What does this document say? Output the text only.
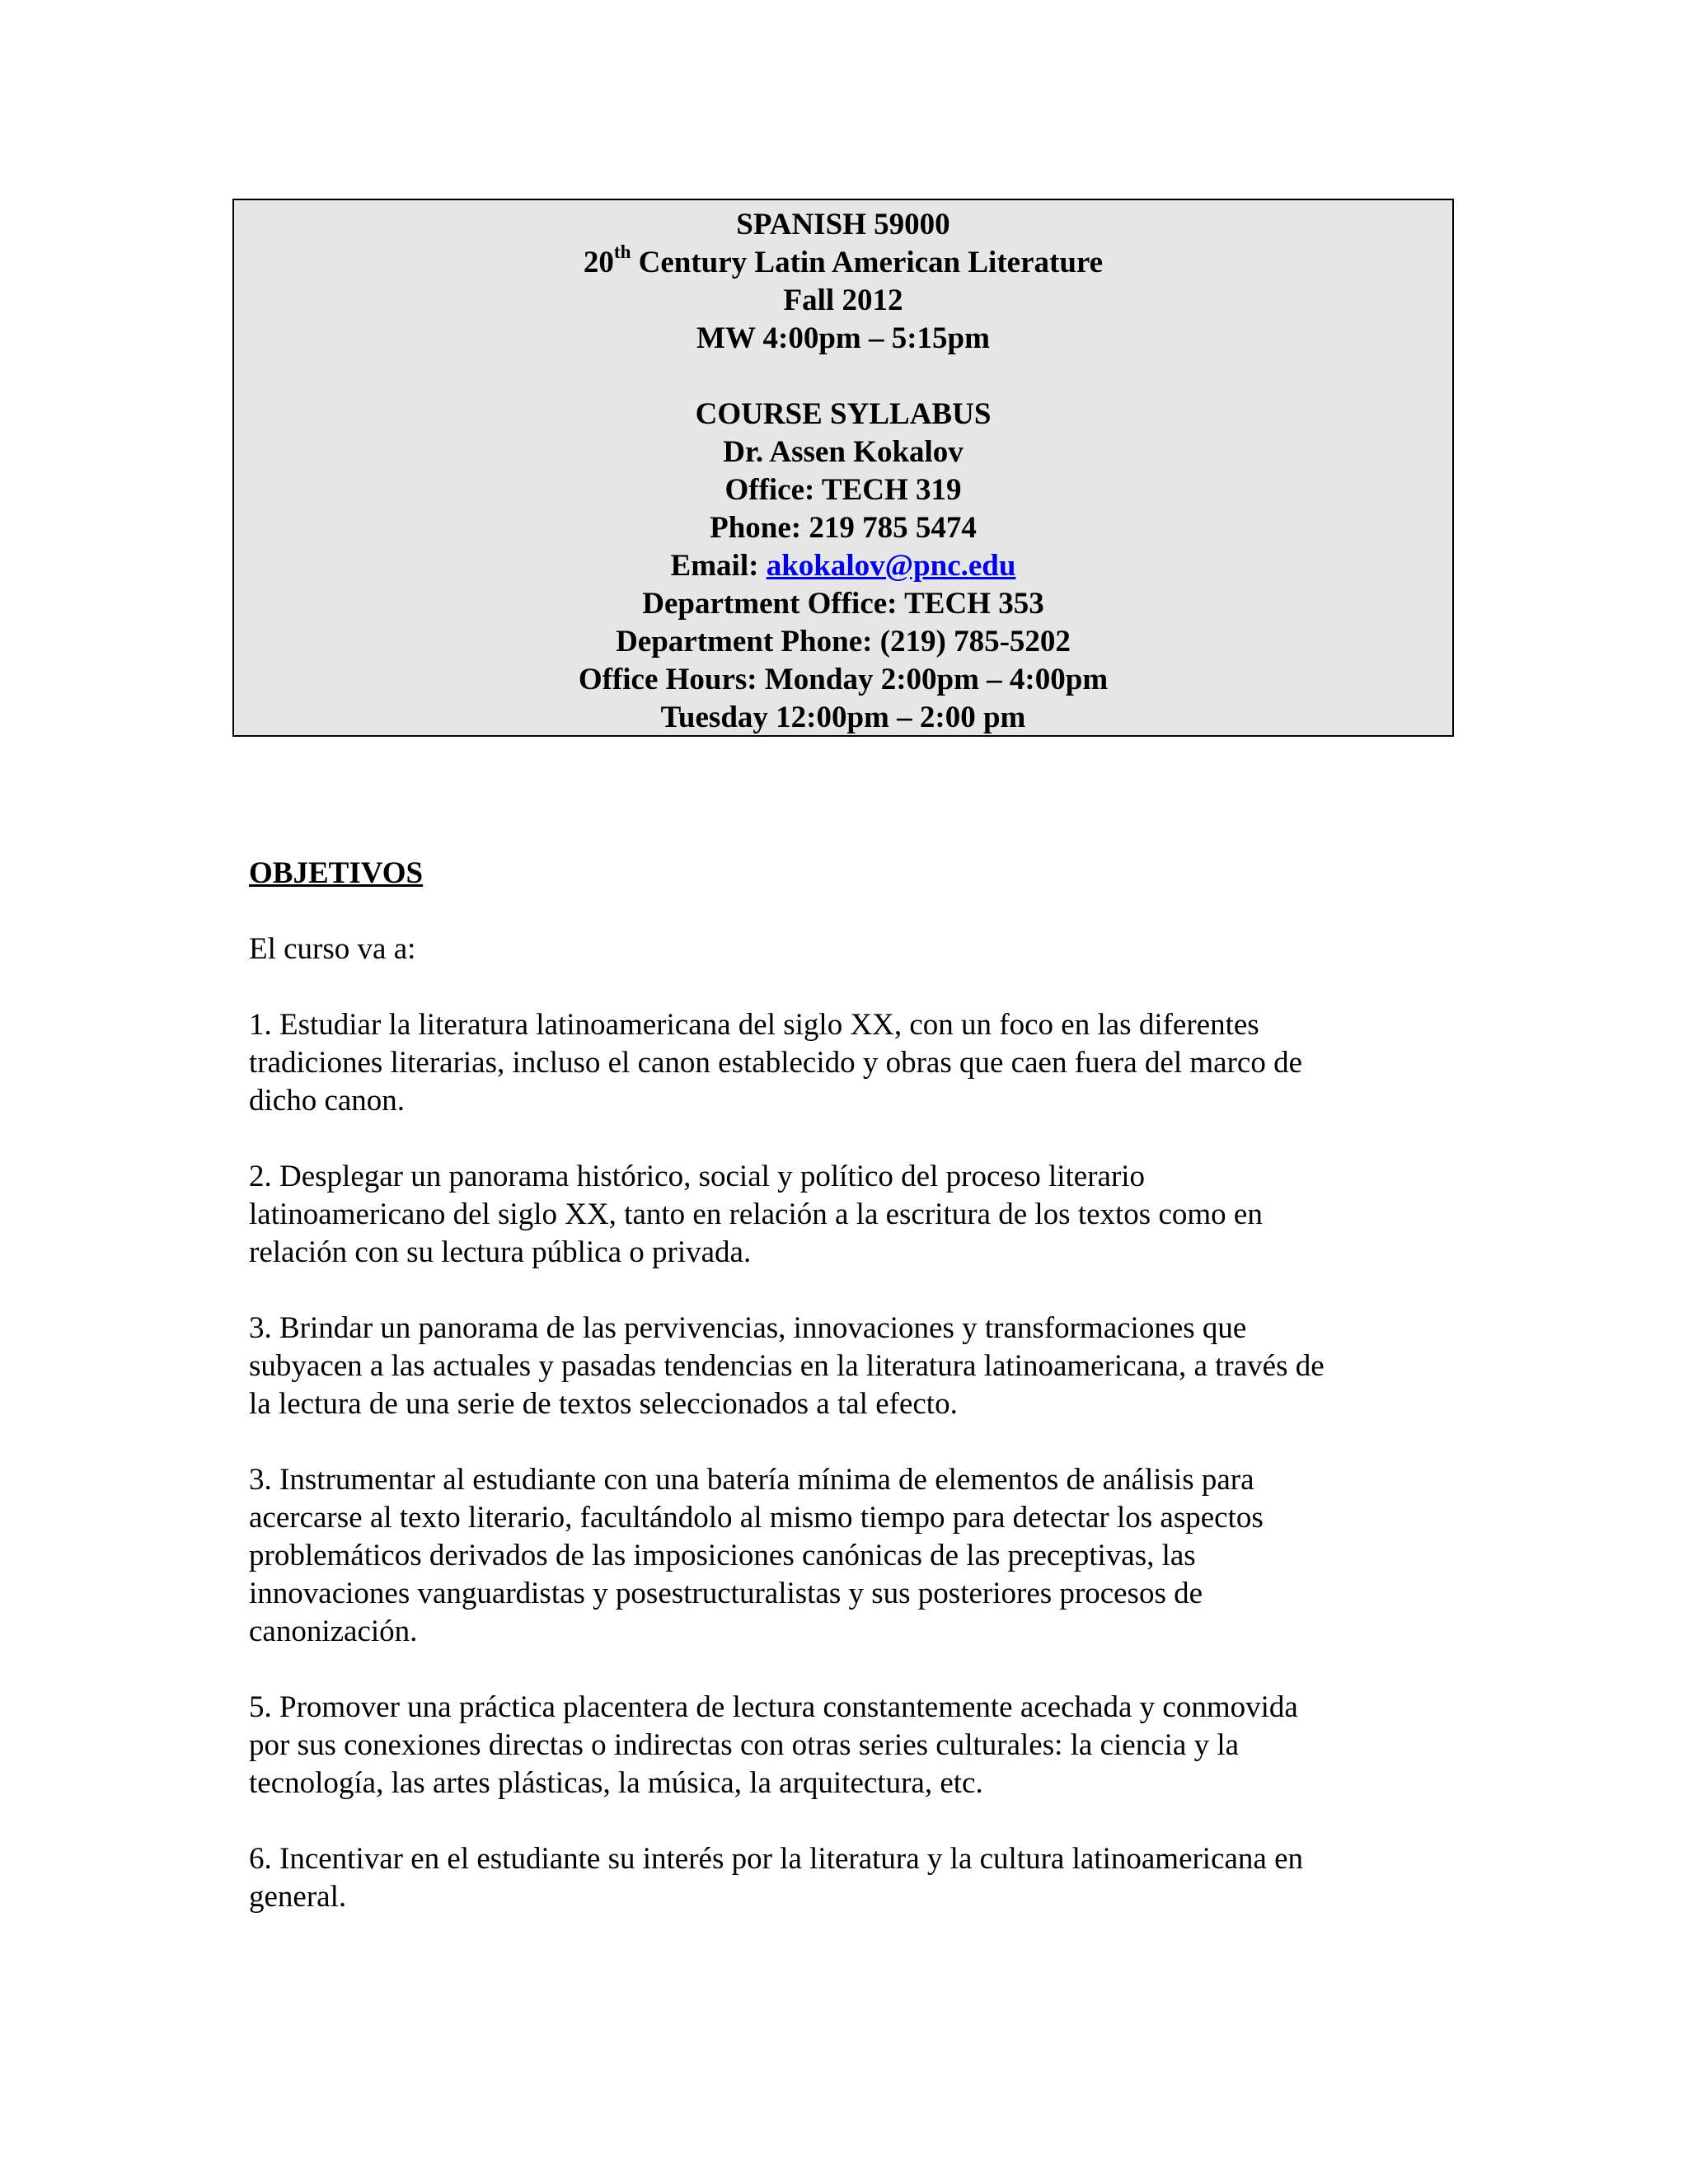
SPANISH 59000
20th Century Latin American Literature
Fall 2012
MW 4:00pm – 5:15pm
COURSE SYLLABUS
Dr. Assen Kokalov
Office: TECH 319
Phone: 219 785 5474
Email: akokalov@pnc.edu
Department Office: TECH 353
Department Phone: (219) 785-5202
Office Hours: Monday 2:00pm – 4:00pm
Tuesday 12:00pm – 2:00 pm
OBJETIVOS

El curso va a:

1. Estudiar la literatura latinoamericana del siglo XX, con un foco en las diferentes
tradiciones literarias, incluso el canon establecido y obras que caen fuera del marco de
dicho canon.

2. Desplegar un panorama histórico, social y político del proceso literario
latinoamericano del siglo XX, tanto en relación a la escritura de los textos como en
relación con su lectura pública o privada.

3. Brindar un panorama de las pervivencias, innovaciones y transformaciones que
subyacen a las actuales y pasadas tendencias en la literatura latinoamericana, a través de
la lectura de una serie de textos seleccionados a tal efecto.

3. Instrumentar al estudiante con una batería mínima de elementos de análisis para
acercarse al texto literario, facultándolo al mismo tiempo para detectar los aspectos
problemáticos derivados de las imposiciones canónicas de las preceptivas, las
innovaciones vanguardistas y posestructuralistas y sus posteriores procesos de
canonización.

5. Promover una práctica placentera de lectura constantemente acechada y conmovida
por sus conexiones directas o indirectas con otras series culturales: la ciencia y la
tecnología, las artes plásticas, la música, la arquitectura, etc.

6. Incentivar en el estudiante su interés por la literatura y la cultura latinoamericana en
general.
